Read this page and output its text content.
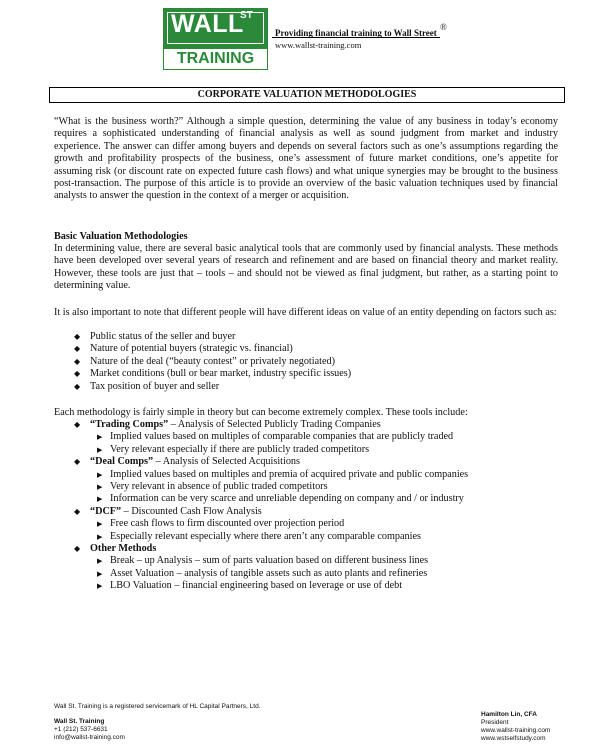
WALL
ST
TRAINING
Providing financial training to Wall Street
®
www.wallst-training.com
CORPORATE VALUATION METHODOLOGIES
“What is the business worth?” Although a simple question, determining the value of any business in today’s economy requires a sophisticated understanding of financial analysis as well as sound judgment from market and industry experience. The answer can differ among buyers and depends on several factors such as one’s assumptions regarding the growth and profitability prospects of the business, one’s assessment of future market conditions, one’s appetite for assuming risk (or discount rate on expected future cash flows) and what unique synergies may be brought to the business post-transaction. The purpose of this article is to provide an overview of the basic valuation techniques used by financial analysts to answer the question in the context of a merger or acquisition.
Basic Valuation Methodologies
In determining value, there are several basic analytical tools that are commonly used by financial analysts. These methods have been developed over several years of research and refinement and are based on financial theory and market reality. However, these tools are just that – tools – and should not be viewed as final judgment, but rather, as a starting point to determining value.
It is also important to note that different people will have different ideas on value of an entity depending on factors such as:
◆ Public status of the seller and buyer
◆ Nature of potential buyers (strategic vs. financial)
◆ Nature of the deal (“beauty contest” or privately negotiated)
◆ Market conditions (bull or bear market, industry specific issues)
◆ Tax position of buyer and seller
Each methodology is fairly simple in theory but can become extremely complex. These tools include:
◆ “Trading Comps” – Analysis of Selected Publicly Trading Companies
▶ Implied values based on multiples of comparable companies that are publicly traded
▶ Very relevant especially if there are publicly traded competitors
◆ “Deal Comps” – Analysis of Selected Acquisitions
▶ Implied values based on multiples and premia of acquired private and public companies
▶ Very relevant in absence of public traded competitors
▶ Information can be very scarce and unreliable depending on company and / or industry
◆ “DCF” – Discounted Cash Flow Analysis
▶ Free cash flows to firm discounted over projection period
▶ Especially relevant especially where there aren’t any comparable companies
◆ Other Methods
▶ Break – up Analysis – sum of parts valuation based on different business lines
▶ Asset Valuation – analysis of tangible assets such as auto plants and refineries
▶ LBO Valuation – financial engineering based on leverage or use of debt
Wall St. Training is a registered servicemark of HL Capital Partners, Ltd.
Wall St. Training
+1 (212) 537-6631
info@wallst-training.com
Hamilton Lin, CFA
President
www.wallst-training.com
www.wstselfstudy.com
